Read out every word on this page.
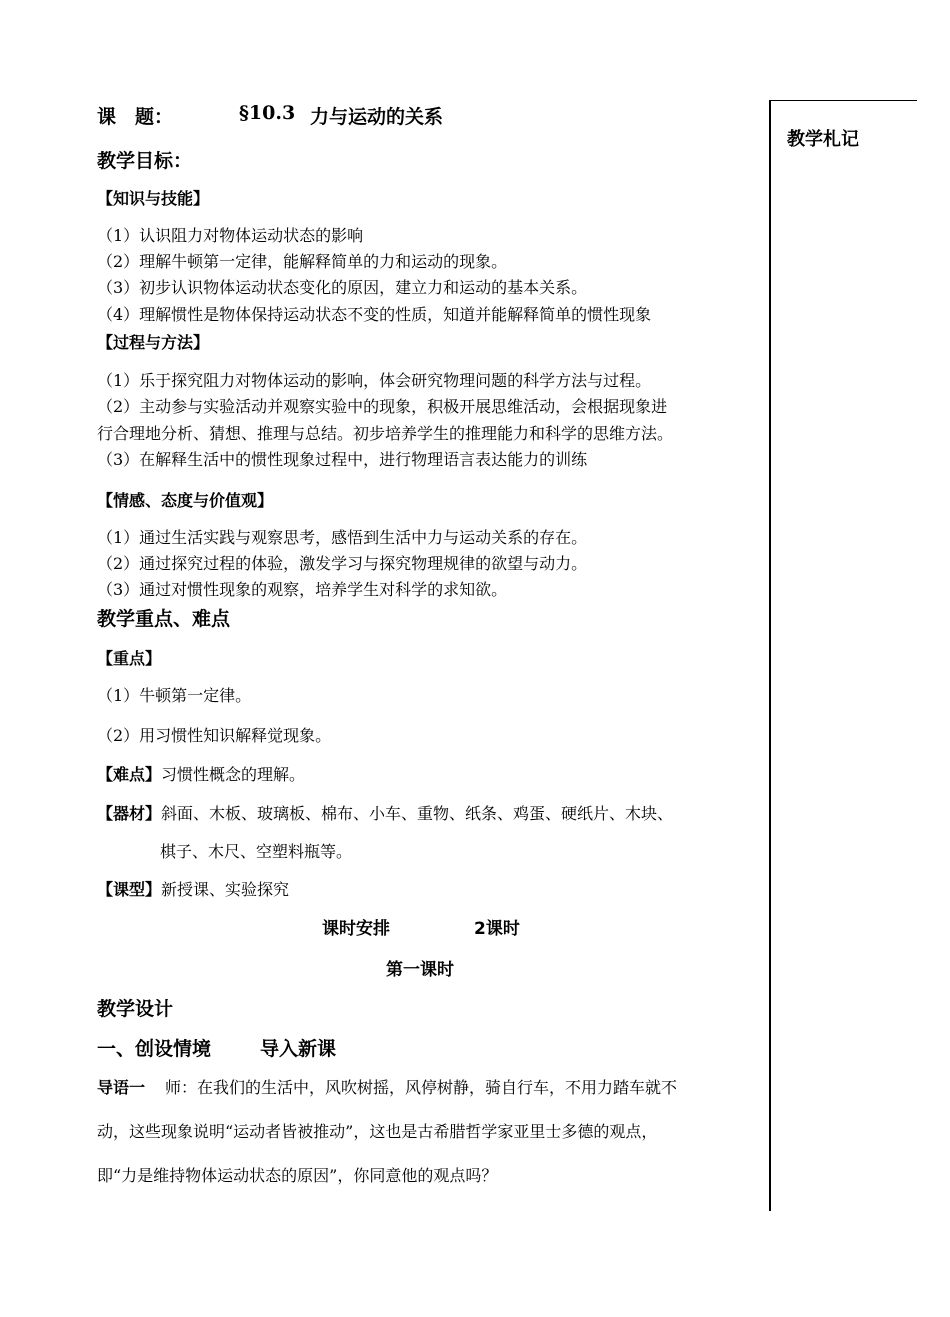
课　题：	§10.3 力与运动的关系
教学目标：
【知识与技能】
（1）认识阻力对物体运动状态的影响
（2）理解牛顿第一定律，能解释简单的力和运动的现象。
（3）初步认识物体运动状态变化的原因，建立力和运动的基本关系。
（4）理解惯性是物体保持运动状态不变的性质，知道并能解释简单的惯性现象
【过程与方法】
（1）乐于探究阻力对物体运动的影响，体会研究物理问题的科学方法与过程。
（2）主动参与实验活动并观察实验中的现象，积极开展思维活动，会根据现象进
行合理地分析、猜想、推理与总结。初步培养学生的推理能力和科学的思维方法。
（3）在解释生活中的惯性现象过程中，进行物理语言表达能力的训练
【情感、态度与价值观】
（1）通过生活实践与观察思考，感悟到生活中力与运动关系的存在。
（2）通过探究过程的体验，激发学习与探究物理规律的欲望与动力。
（3）通过对惯性现象的观察，培养学生对科学的求知欲。
教学重点、难点
【重点】
（1）牛顿第一定律。
（2）用习惯性知识解释觉现象。
【难点】习惯性概念的理解。
【器材】斜面、木板、玻璃板、棉布、小车、重物、纸条、鸡蛋、硬纸片、木块、
棋子、木尺、空塑料瓶等。
【课型】新授课、实验探究
课时安排	2课时
第一课时
教学设计
一、创设情境	导入新课
导语一 师：在我们的生活中，风吹树摇，风停树静，骑自行车，不用力踏车就不
动，这些现象说明“运动者皆被推动”，这也是古希腊哲学家亚里士多德的观点，
即“力是维持物体运动状态的原因”，你同意他的观点吗？
教学札记
